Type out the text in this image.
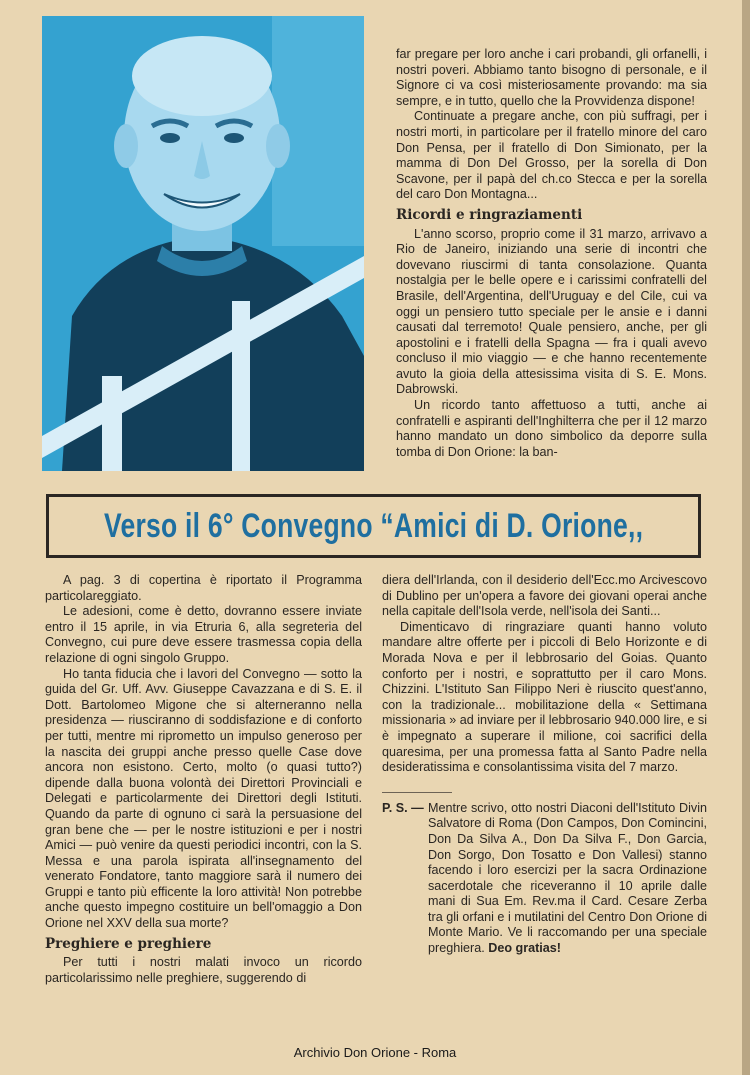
far pregare per loro anche i cari probandi, gli orfanelli, i nostri poveri. Abbiamo tanto bisogno di personale, e il Signore ci va così misteriosamente provando: ma sia sempre, e in tutto, quello che la Provvidenza dispone!

Continuate a pregare anche, con più suffragi, per i nostri morti, in particolare per il fratello minore del caro Don Pensa, per il fratello di Don Simionato, per la mamma di Don Del Grosso, per la sorella di Don Scavone, per il papà del ch.co Stecca e per la sorella del caro Don Montagna...

Ricordi e ringraziamenti

L'anno scorso, proprio come il 31 marzo, arrivavo a Rio de Janeiro, iniziando una serie di incontri che dovevano riuscirmi di tanta consolazione. Quanta nostalgia per le belle opere e i carissimi confratelli del Brasile, dell'Argentina, dell'Uruguay e del Cile, cui va oggi un pensiero tutto speciale per le ansie e i danni causati dal terremoto! Quale pensiero, anche, per gli apostolini e i fratelli della Spagna — fra i quali avevo concluso il mio viaggio — e che hanno recentemente avuto la gioia della attesissima visita di S. E. Mons. Dabrowski.

Un ricordo tanto affettuoso a tutti, anche ai confratelli e aspiranti dell'Inghilterra che per il 12 marzo hanno mandato un dono simbolico da deporre sulla tomba di Don Orione: la ban-

Verso il 6° Convegno “Amici di D. Orione,,

A pag. 3 di copertina è riportato il Programma particolareggiato.

Le adesioni, come è detto, dovranno essere inviate entro il 15 aprile, in via Etruria 6, alla segreteria del Convegno, cui pure deve essere trasmessa copia della relazione di ogni singolo Gruppo.

Ho tanta fiducia che i lavori del Convegno — sotto la guida del Gr. Uff. Avv. Giuseppe Cavazzana e di S. E. il Dott. Bartolomeo Migone che si alterneranno nella presidenza — riusciranno di soddisfazione e di conforto per tutti, mentre mi riprometto un impulso generoso per la nascita dei gruppi anche presso quelle Case dove ancora non esistono. Certo, molto (o quasi tutto?) dipende dalla buona volontà dei Direttori Provinciali e Delegati e particolarmente dei Direttori degli Istituti. Quando da parte di ognuno ci sarà la persuasione del gran bene che — per le nostre istituzioni e per i nostri Amici — può venire da questi periodici incontri, con la S. Messa e una parola ispirata all'insegnamento del venerato Fondatore, tanto maggiore sarà il numero dei Gruppi e tanto più efficente la loro attività! Non potrebbe anche questo impegno costituire un bell'omaggio a Don Orione nel XXV della sua morte?

Preghiere e preghiere

Per tutti i nostri malati invoco un ricordo particolarissimo nelle preghiere, suggerendo di

diera dell'Irlanda, con il desiderio dell'Ecc.mo Arcivescovo di Dublino per un'opera a favore dei giovani operai anche nella capitale dell'Isola verde, nell'isola dei Santi...

Dimenticavo di ringraziare quanti hanno voluto mandare altre offerte per i piccoli di Belo Horizonte e di Morada Nova e per il lebbrosario del Goias. Quanto conforto per i nostri, e soprattutto per il caro Mons. Chizzini. L'Istituto San Filippo Neri è riuscito quest'anno, con la tradizionale... mobilitazione della « Settimana missionaria » ad inviare per il lebbrosario 940.000 lire, e si è impegnato a superare il milione, coi sacrifici della quaresima, per una promessa fatta al Santo Padre nella desideratissima e consolantissima visita del 7 marzo.

P. S. — Mentre scrivo, otto nostri Diaconi dell'Istituto Divin Salvatore di Roma (Don Campos, Don Comincini, Don Da Silva A., Don Da Silva F., Don Garcia, Don Sorgo, Don Tosatto e Don Vallesi) stanno facendo i loro esercizi per la sacra Ordinazione sacerdotale che riceveranno il 10 aprile dalle mani di Sua Em. Rev.ma il Card. Cesare Zerba tra gli orfani e i mutilatini del Centro Don Orione di Monte Mario. Ve li raccomando per una speciale preghiera. Deo gratias!
Archivio Don Orione - Roma
